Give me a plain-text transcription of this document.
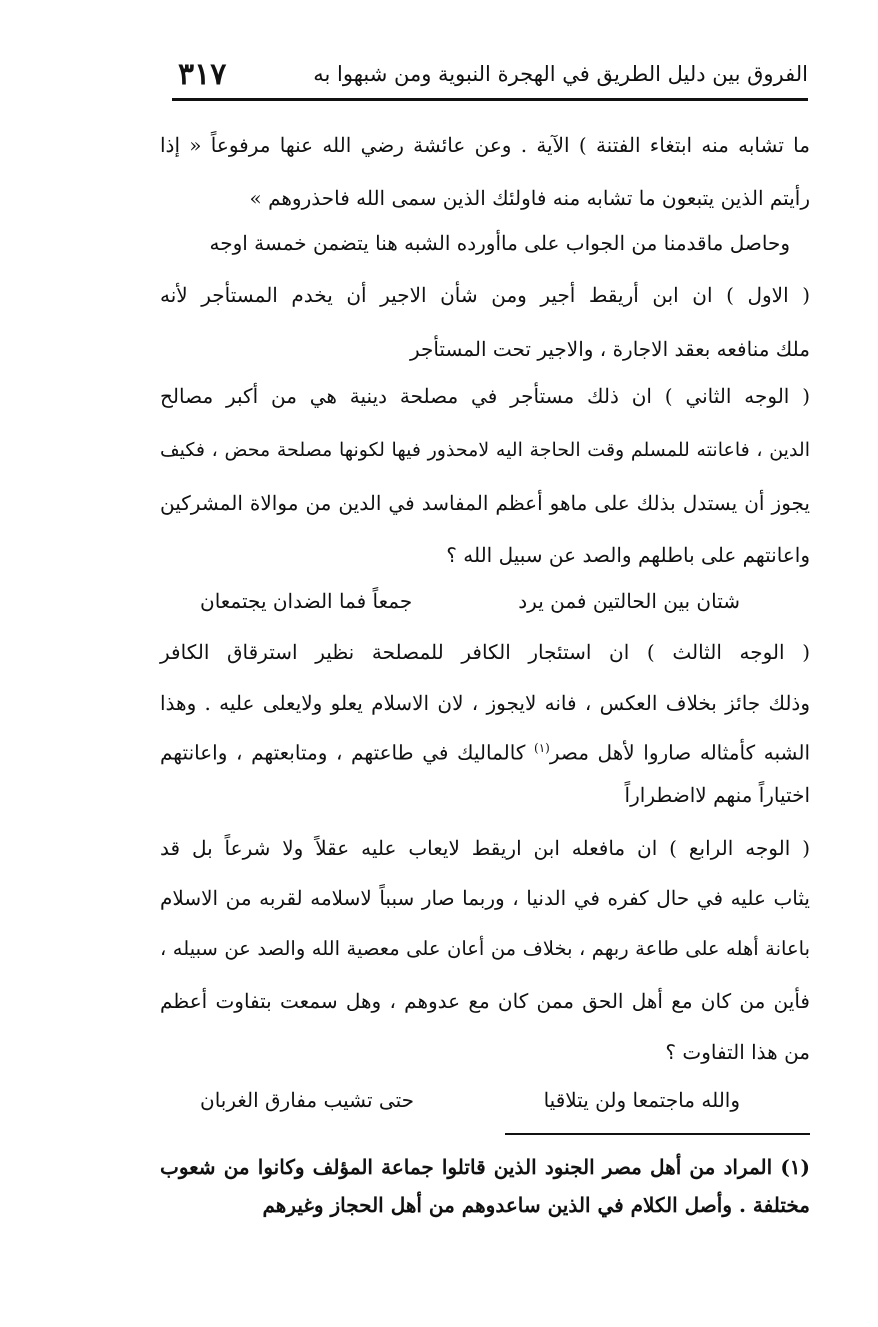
الفروق بين دليل الطريق في الهجرة النبوية ومن شبهوا به
٣١٧
ما تشابه منه ابتغاء الفتنة ) الآية . وعن عائشة رضي الله عنها مرفوعاً « إذا
رأيتم الذين يتبعون ما تشابه منه فاولئك الذين سمى الله فاحذروهم »
وحاصل ماقدمنا من الجواب على ماأورده الشبه هنا يتضمن خمسة اوجه
( الاول ) ان ابن أريقط أجير ومن شأن الاجير أن يخدم المستأجر لأنه
ملك منافعه بعقد الاجارة ، والاجير تحت المستأجر
( الوجه الثاني ) ان ذلك مستأجر في مصلحة دينية هي من أكبر مصالح
الدين ، فاعانته للمسلم وقت الحاجة اليه لامحذور فيها لكونها مصلحة محض ، فكيف
يجوز أن يستدل بذلك على ماهو أعظم المفاسد في الدين من موالاة المشركين
واعانتهم على باطلهم والصد عن سبيل الله ؟
شتان بين الحالتين فمن يرد
جمعاً فما الضدان يجتمعان
( الوجه الثالث ) ان استئجار الكافر للمصلحة نظير استرقاق الكافر
وذلك جائز بخلاف العكس ، فانه لايجوز ، لان الاسلام يعلو ولايعلى عليه . وهذا
الشبه كأمثاله صاروا لأهل مصر$^{(١)}$ كالماليك في طاعتهم ، ومتابعتهم ، واعانتهم
اختياراً منهم لااضطراراً
( الوجه الرابع ) ان مافعله ابن اريقط لايعاب عليه عقلاً ولا شرعاً بل قد
يثاب عليه في حال كفره في الدنيا ، وربما صار سبباً لاسلامه لقربه من الاسلام
باعانة أهله على طاعة ربهم ، بخلاف من أعان على معصية الله والصد عن سبيله ،
فأين من كان مع أهل الحق ممن كان مع عدوهم ، وهل سمعت بتفاوت أعظم
من هذا التفاوت ؟
والله ماجتمعا ولن يتلاقيا
حتى تشيب مفارق الغربان
(١) المراد من أهل مصر الجنود الذين قاتلوا جماعة المؤلف وكانوا من شعوب
مختلفة . وأصل الكلام في الذين ساعدوهم من أهل الحجاز وغيرهم
